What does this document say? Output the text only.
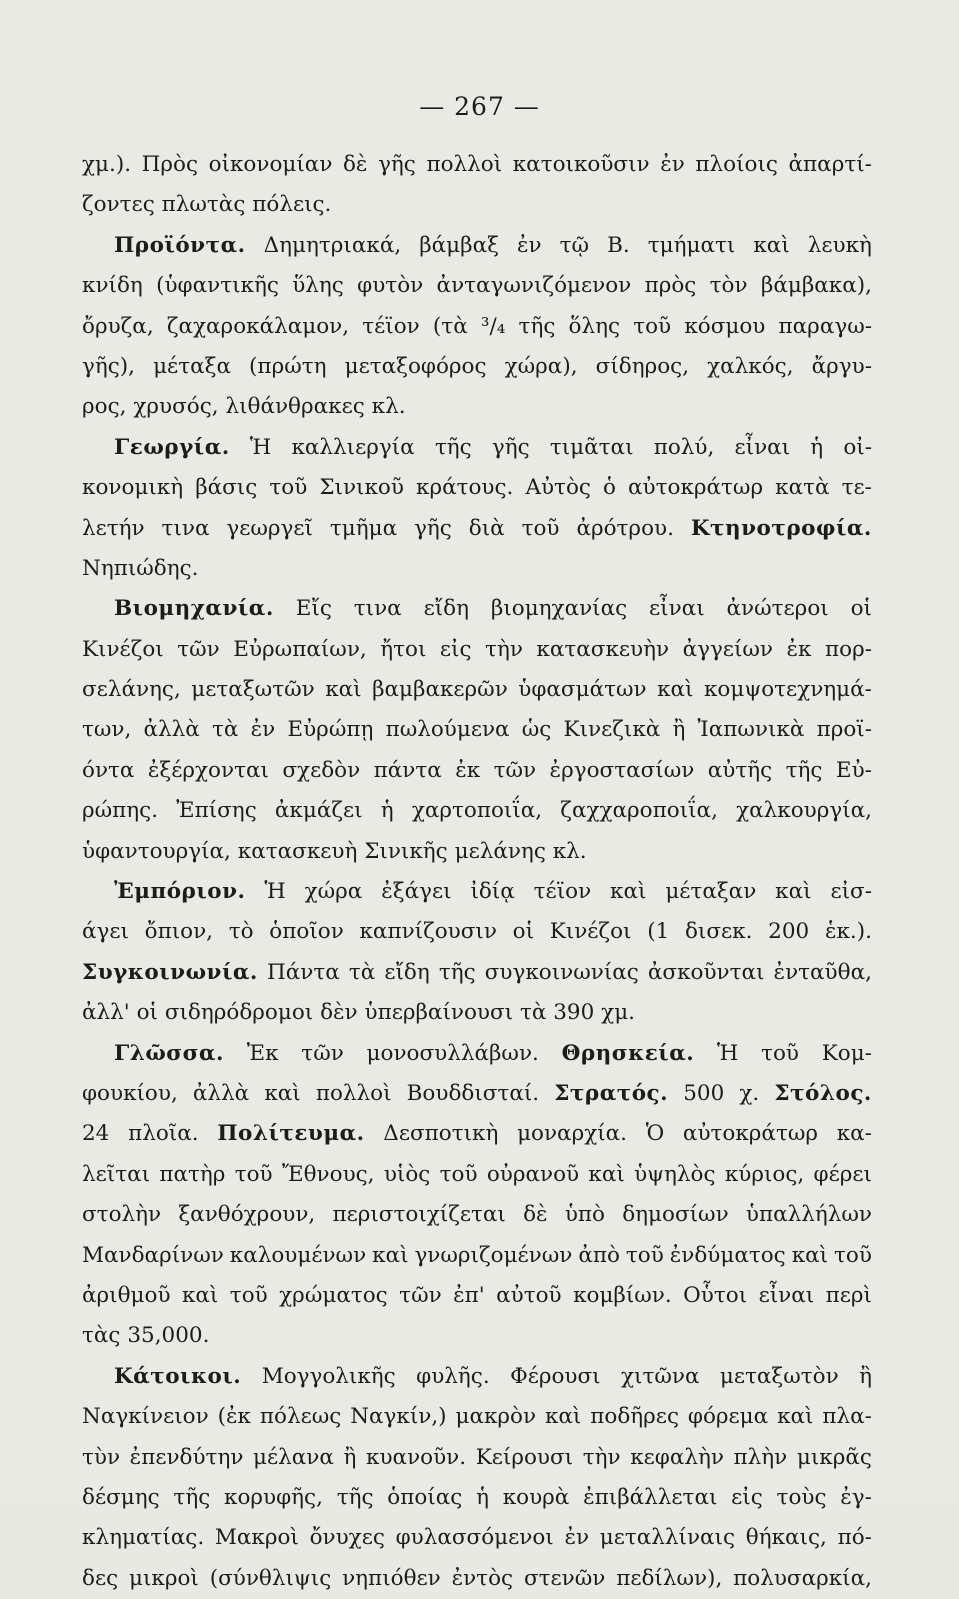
— 267 —
χμ.). Πρὸς οἰκονομίαν δὲ γῆς πολλοὶ κατοικοῦσιν ἐν πλοίοις ἀπαρτί-
ζοντες πλωτὰς πόλεις.
Προϊόντα. Δημητριακά, βάμβαξ ἐν τῷ Β. τμήματι καὶ λευκὴ
κνίδη (ὑφαντικῆς ὕλης φυτὸν ἀνταγωνιζόμενον πρὸς τὸν βάμβακα),
ὄρυζα, ζαχαροκάλαμον, τέϊον (τὰ ³/₄ τῆς ὅλης τοῦ κόσμου παραγω-
γῆς), μέταξα (πρώτη μεταξοφόρος χώρα), σίδηρος, χαλκός, ἄργυ-
ρος, χρυσός, λιθάνθρακες κλ.
Γεωργία. Ἡ καλλιεργία τῆς γῆς τιμᾶται πολύ, εἶναι ἡ οἰ-
κονομικὴ βάσις τοῦ Σινικοῦ κράτους. Αὐτὸς ὁ αὐτοκράτωρ κατὰ τε-
λετήν τινα γεωργεῖ τμῆμα γῆς διὰ τοῦ ἀρότρου. Κτηνοτροφία.
Νηπιώδης.
Βιομηχανία. Εἴς τινα εἴδη βιομηχανίας εἶναι ἀνώτεροι οἱ
Κινέζοι τῶν Εὐρωπαίων, ἤτοι εἰς τὴν κατασκευὴν ἀγγείων ἐκ πορ-
σελάνης, μεταξωτῶν καὶ βαμβακερῶν ὑφασμάτων καὶ κομψοτεχνημά-
των, ἀλλὰ τὰ ἐν Εὐρώπῃ πωλούμενα ὡς Κινεζικὰ ἢ Ἰαπωνικὰ προϊ-
όντα ἐξέρχονται σχεδὸν πάντα ἐκ τῶν ἐργοστασίων αὐτῆς τῆς Εὐ-
ρώπης. Ἐπίσης ἀκμάζει ἡ χαρτοποιΐα, ζαχχαροποιΐα, χαλκουργία,
ὑφαντουργία, κατασκευὴ Σινικῆς μελάνης κλ.
Ἐμπόριον. Ἡ χώρα ἐξάγει ἰδίᾳ τέϊον καὶ μέταξαν καὶ εἰσ-
άγει ὄπιον, τὸ ὁποῖον καπνίζουσιν οἱ Κινέζοι (1 δισεκ. 200 ἑκ.).
Συγκοινωνία. Πάντα τὰ εἴδη τῆς συγκοινωνίας ἀσκοῦνται ἐνταῦθα,
ἀλλ' οἱ σιδηρόδρομοι δὲν ὑπερβαίνουσι τὰ 390 χμ.
Γλῶσσα. Ἐκ τῶν μονοσυλλάβων. Θρησκεία. Ἡ τοῦ Κομ-
φουκίου, ἀλλὰ καὶ πολλοὶ Βουδδισταί. Στρατός. 500 χ. Στόλος.
24 πλοῖα. Πολίτευμα. Δεσποτικὴ μοναρχία. Ὁ αὐτοκράτωρ κα-
λεῖται πατὴρ τοῦ Ἔθνους, υἱὸς τοῦ οὐρανοῦ καὶ ὑψηλὸς κύριος, φέρει
στολὴν ξανθόχρουν, περιστοιχίζεται δὲ ὑπὸ δημοσίων ὑπαλλήλων
Μανδαρίνων καλουμένων καὶ γνωριζομένων ἀπὸ τοῦ ἐνδύματος καὶ τοῦ
ἀριθμοῦ καὶ τοῦ χρώματος τῶν ἐπ' αὐτοῦ κομβίων. Οὗτοι εἶναι περὶ
τὰς 35,000.
Κάτοικοι. Μογγολικῆς φυλῆς. Φέρουσι χιτῶνα μεταξωτὸν ἢ
Ναγκίνειον (ἐκ πόλεως Ναγκίν,) μακρὸν καὶ ποδῆρες φόρεμα καὶ πλα-
τὺν ἐπενδύτην μέλανα ἢ κυανοῦν. Κείρουσι τὴν κεφαλὴν πλὴν μικρᾶς
δέσμης τῆς κορυφῆς, τῆς ὁποίας ἡ κουρὰ ἐπιβάλλεται εἰς τοὺς ἐγ-
κληματίας. Μακροὶ ὄνυχες φυλασσόμενοι ἐν μεταλλίναις θήκαις, πό-
δες μικροὶ (σύνθλιψις νηπιόθεν ἐντὸς στενῶν πεδίλων), πολυσαρκία,
